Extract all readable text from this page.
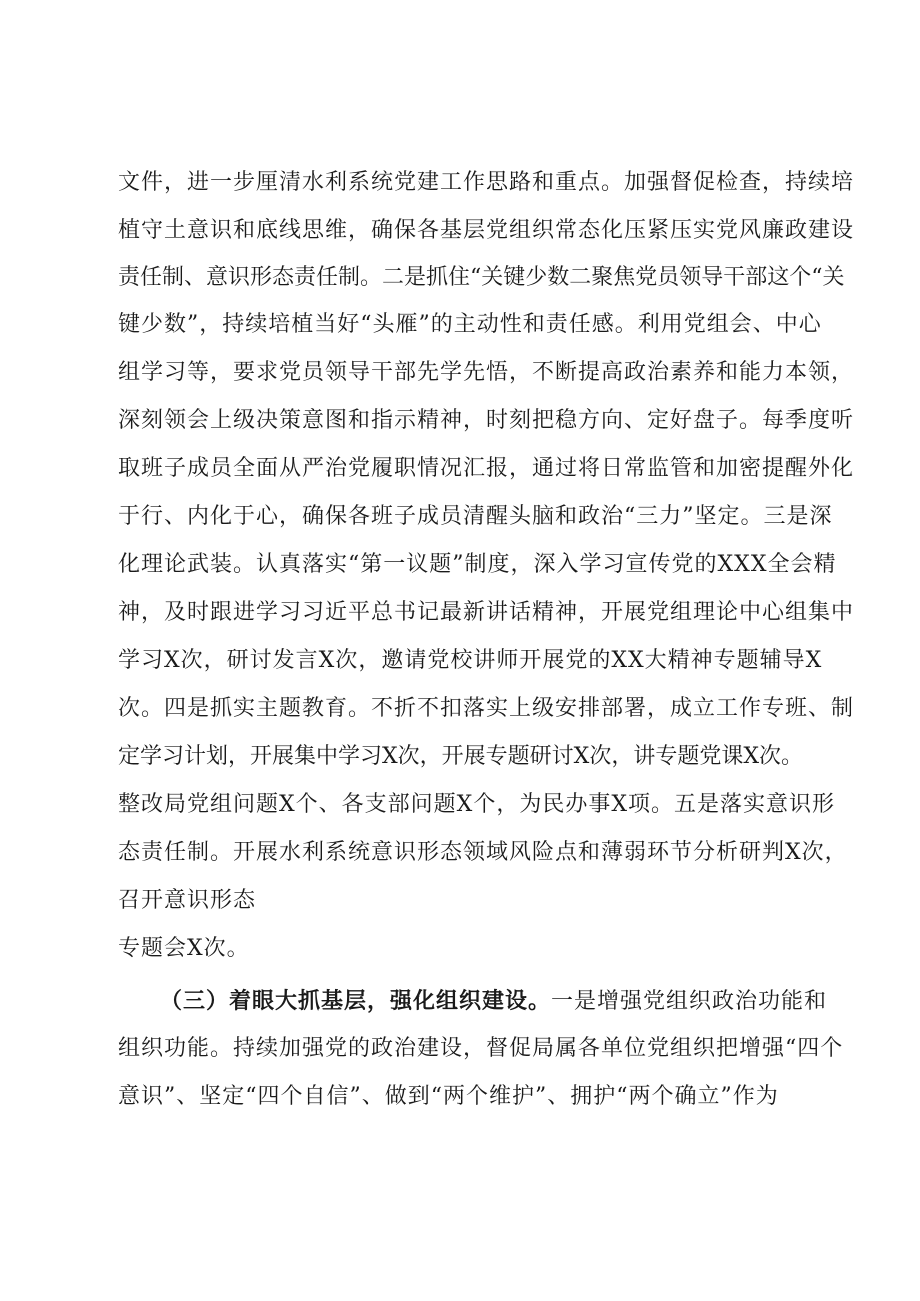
文件，进一步厘清水利系统党建工作思路和重点。加强督促检查，持续培
植守土意识和底线思维，确保各基层党组织常态化压紧压实党风廉政建设
责任制、意识形态责任制。二是抓住“关键少数二聚焦党员领导干部这个“关
键少数”，持续培植当好“头雁”的主动性和责任感。利用党组会、中心
组学习等，要求党员领导干部先学先悟，不断提高政治素养和能力本领，
深刻领会上级决策意图和指示精神，时刻把稳方向、定好盘子。每季度听
取班子成员全面从严治党履职情况汇报，通过将日常监管和加密提醒外化
于行、内化于心，确保各班子成员清醒头脑和政治“三力”坚定。三是深
化理论武装。认真落实“第一议题”制度，深入学习宣传党的XXX全会精
神，及时跟进学习习近平总书记最新讲话精神，开展党组理论中心组集中
学习X次，研讨发言X次，邀请党校讲师开展党的XX大精神专题辅导X
次。四是抓实主题教育。不折不扣落实上级安排部署，成立工作专班、制
定学习计划，开展集中学习X次，开展专题研讨X次，讲专题党课X次。
整改局党组问题X个、各支部问题X个，为民办事X项。五是落实意识形
态责任制。开展水利系统意识形态领域风险点和薄弱环节分析研判X次，
召开意识形态
专题会X次。
（三）着眼大抓基层，强化组织建设。一是增强党组织政治功能和
组织功能。持续加强党的政治建设，督促局属各单位党组织把增强“四个
意识”、坚定“四个自信”、做到“两个维护”、拥护“两个确立”作为
